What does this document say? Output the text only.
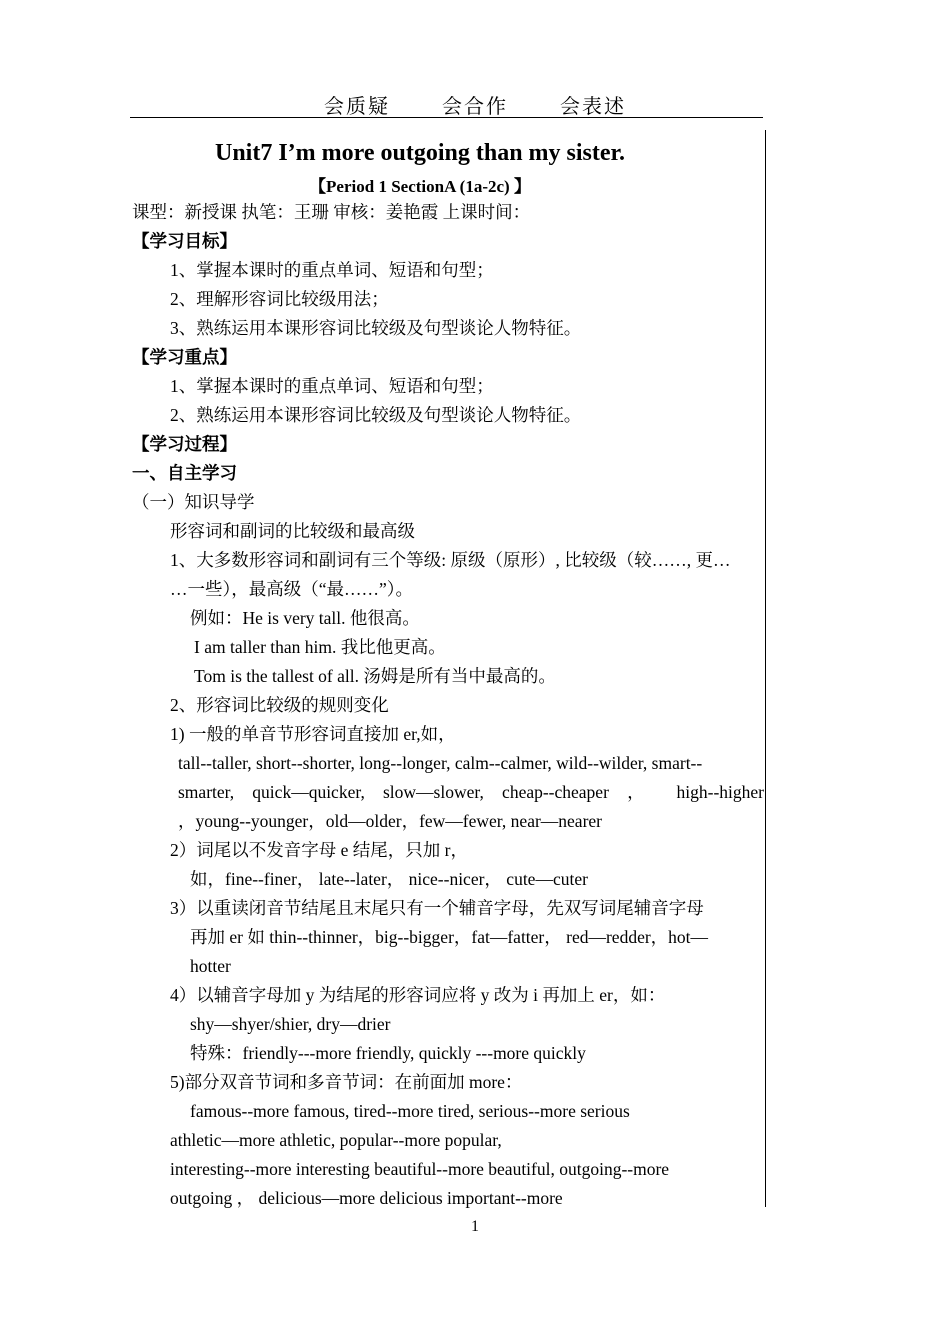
会质疑	会合作	会表述
Unit7 I’m more outgoing than my sister.
【Period 1 SectionA (1a-2c) 】
课型：新授课 执笔：王珊 审核：姜艳霞 上课时间：
【学习目标】
1、掌握本课时的重点单词、短语和句型；
2、理解形容词比较级用法；
3、熟练运用本课形容词比较级及句型谈论人物特征。
【学习重点】
1、掌握本课时的重点单词、短语和句型；
2、熟练运用本课形容词比较级及句型谈论人物特征。
【学习过程】
一、自主学习
（一）知识导学
形容词和副词的比较级和最高级
1、大多数形容词和副词有三个等级: 原级（原形）, 比较级（较……, 更…
…一些），最高级（“最……”）。
例如：He is very tall. 他很高。
I am taller than him. 我比他更高。
Tom is the tallest of all. 汤姆是所有当中最高的。
2、形容词比较级的规则变化
1) 一般的单音节形容词直接加 er,如，
tall--taller, short--shorter, long--longer, calm--calmer, wild--wilder, smart--
smarter, quick—quicker, slow—slower, cheap--cheaper ， high--higher
，young--younger，old—older，few—fewer, near—nearer
2）词尾以不发音字母 e 结尾，只加 r，
如，fine--finer， late--later， nice--nicer， cute—cuter
3）以重读闭音节结尾且末尾只有一个辅音字母，先双写词尾辅音字母
再加 er 如 thin--thinner，big--bigger，fat—fatter， red—redder，hot—
hotter
4）以辅音字母加 y 为结尾的形容词应将 y 改为 i 再加上 er，如：
shy—shyer/shier, dry—drier
特殊：friendly---more friendly, quickly ---more quickly
5)部分双音节词和多音节词：在前面加 more：
famous--more famous, tired--more tired, serious--more serious
athletic—more athletic, popular--more popular,
interesting--more interesting beautiful--more beautiful, outgoing--more
outgoing ， delicious—more delicious important--more
1
